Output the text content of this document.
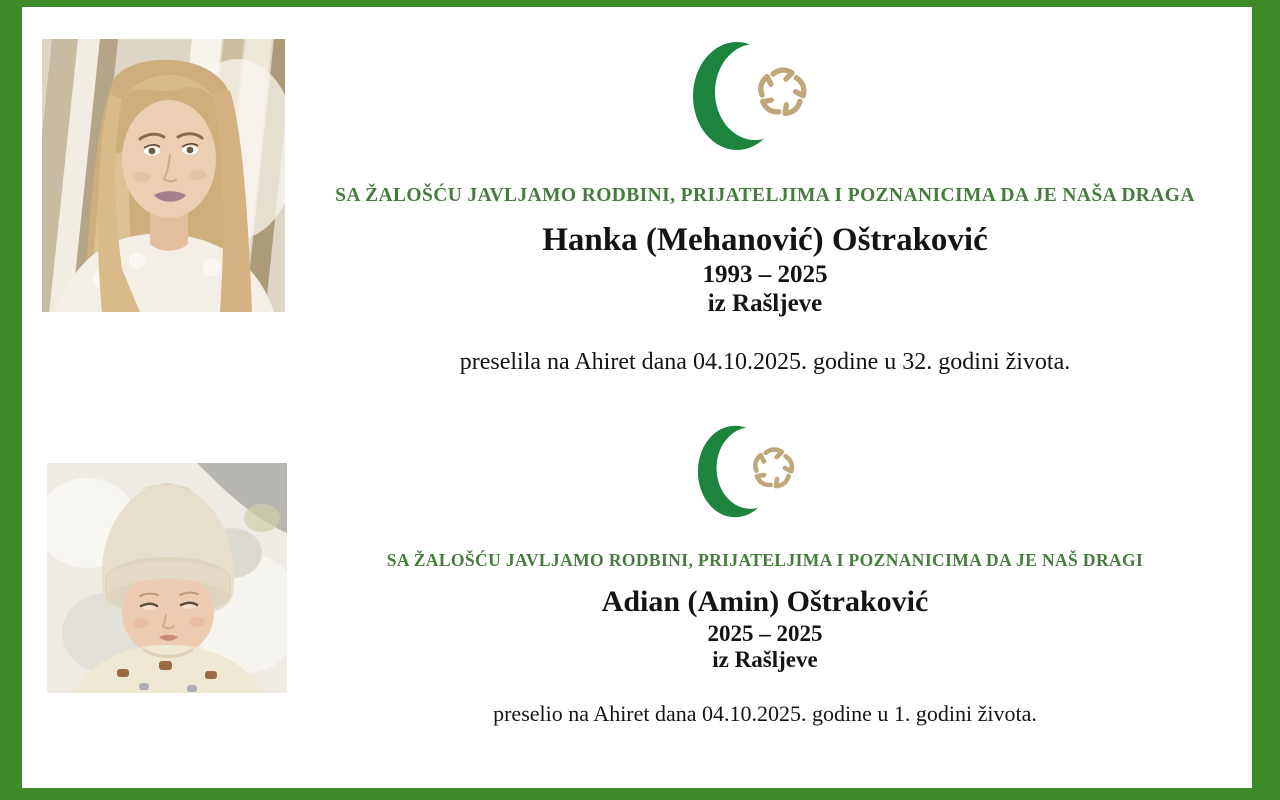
SA ŽALOŠĆU JAVLJAMO RODBINI, PRIJATELJIMA I POZNANICIMA DA JE NAŠA DRAGA
Hanka (Mehanović) Oštraković
1993 – 2025
iz Rašljeve
preselila na Ahiret dana 04.10.2025. godine u 32. godini života.
SA ŽALOŠĆU JAVLJAMO RODBINI, PRIJATELJIMA I POZNANICIMA DA JE NAŠ DRAGI
Adian (Amin) Oštraković
2025 – 2025
iz Rašljeve
preselio na Ahiret dana 04.10.2025. godine u 1. godini života.
